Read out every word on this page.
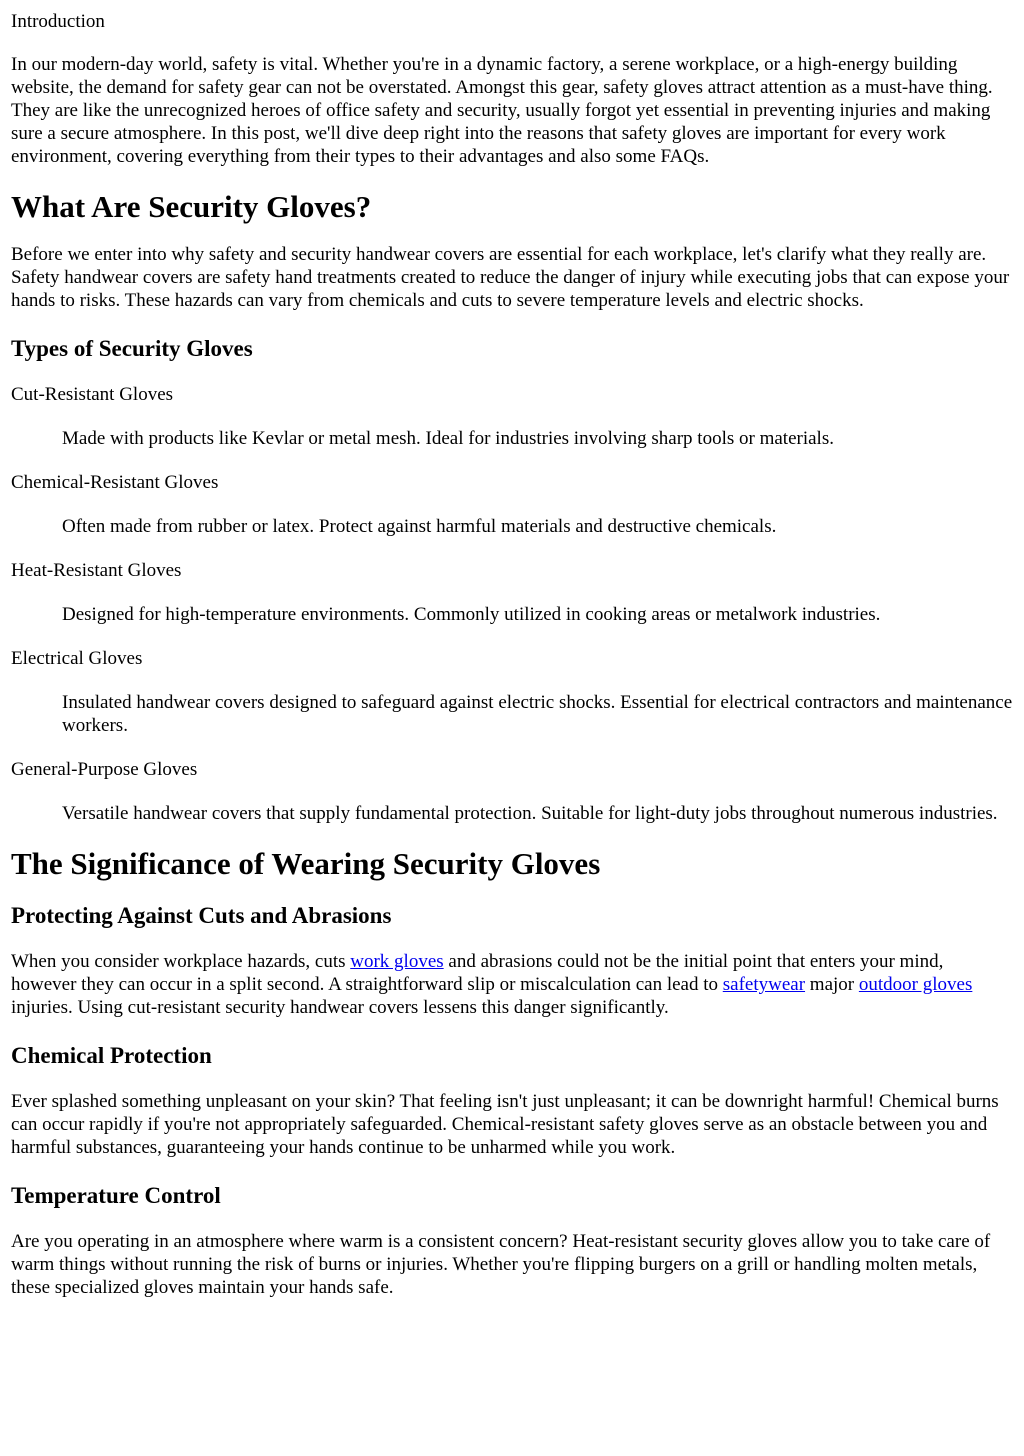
Introduction

In our modern-day world, safety is vital. Whether you're in a dynamic factory, a serene workplace, or a high-energy building website, the demand for safety gear can not be overstated. Amongst this gear, safety gloves attract attention as a must-have thing. They are like the unrecognized heroes of office safety and security, usually forgot yet essential in preventing injuries and making sure a secure atmosphere. In this post, we'll dive deep right into the reasons that safety gloves are important for every work environment, covering everything from their types to their advantages and also some FAQs.

What Are Security Gloves?

Before we enter into why safety and security handwear covers are essential for each workplace, let's clarify what they really are. Safety handwear covers are safety hand treatments created to reduce the danger of injury while executing jobs that can expose your hands to risks. These hazards can vary from chemicals and cuts to severe temperature levels and electric shocks.

Types of Security Gloves
Cut-Resistant Gloves
Made with products like Kevlar or metal mesh. Ideal for industries involving sharp tools or materials.
Chemical-Resistant Gloves
Often made from rubber or latex. Protect against harmful materials and destructive chemicals.
Heat-Resistant Gloves
Designed for high-temperature environments. Commonly utilized in cooking areas or metalwork industries.
Electrical Gloves
Insulated handwear covers designed to safeguard against electric shocks. Essential for electrical contractors and maintenance workers.
General-Purpose Gloves
Versatile handwear covers that supply fundamental protection. Suitable for light-duty jobs throughout numerous industries.
The Significance of Wearing Security Gloves
Protecting Against Cuts and Abrasions

When you consider workplace hazards, cuts work gloves and abrasions could not be the initial point that enters your mind, however they can occur in a split second. A straightforward slip or miscalculation can lead to safetywear major outdoor gloves injuries. Using cut-resistant security handwear covers lessens this danger significantly.

Chemical Protection

Ever splashed something unpleasant on your skin? That feeling isn't just unpleasant; it can be downright harmful! Chemical burns can occur rapidly if you're not appropriately safeguarded. Chemical-resistant safety gloves serve as an obstacle between you and harmful substances, guaranteeing your hands continue to be unharmed while you work.

Temperature Control

Are you operating in an atmosphere where warm is a consistent concern? Heat-resistant security gloves allow you to take care of warm things without running the risk of burns or injuries. Whether you're flipping burgers on a grill or handling molten metals, these specialized gloves maintain your hands safe.
